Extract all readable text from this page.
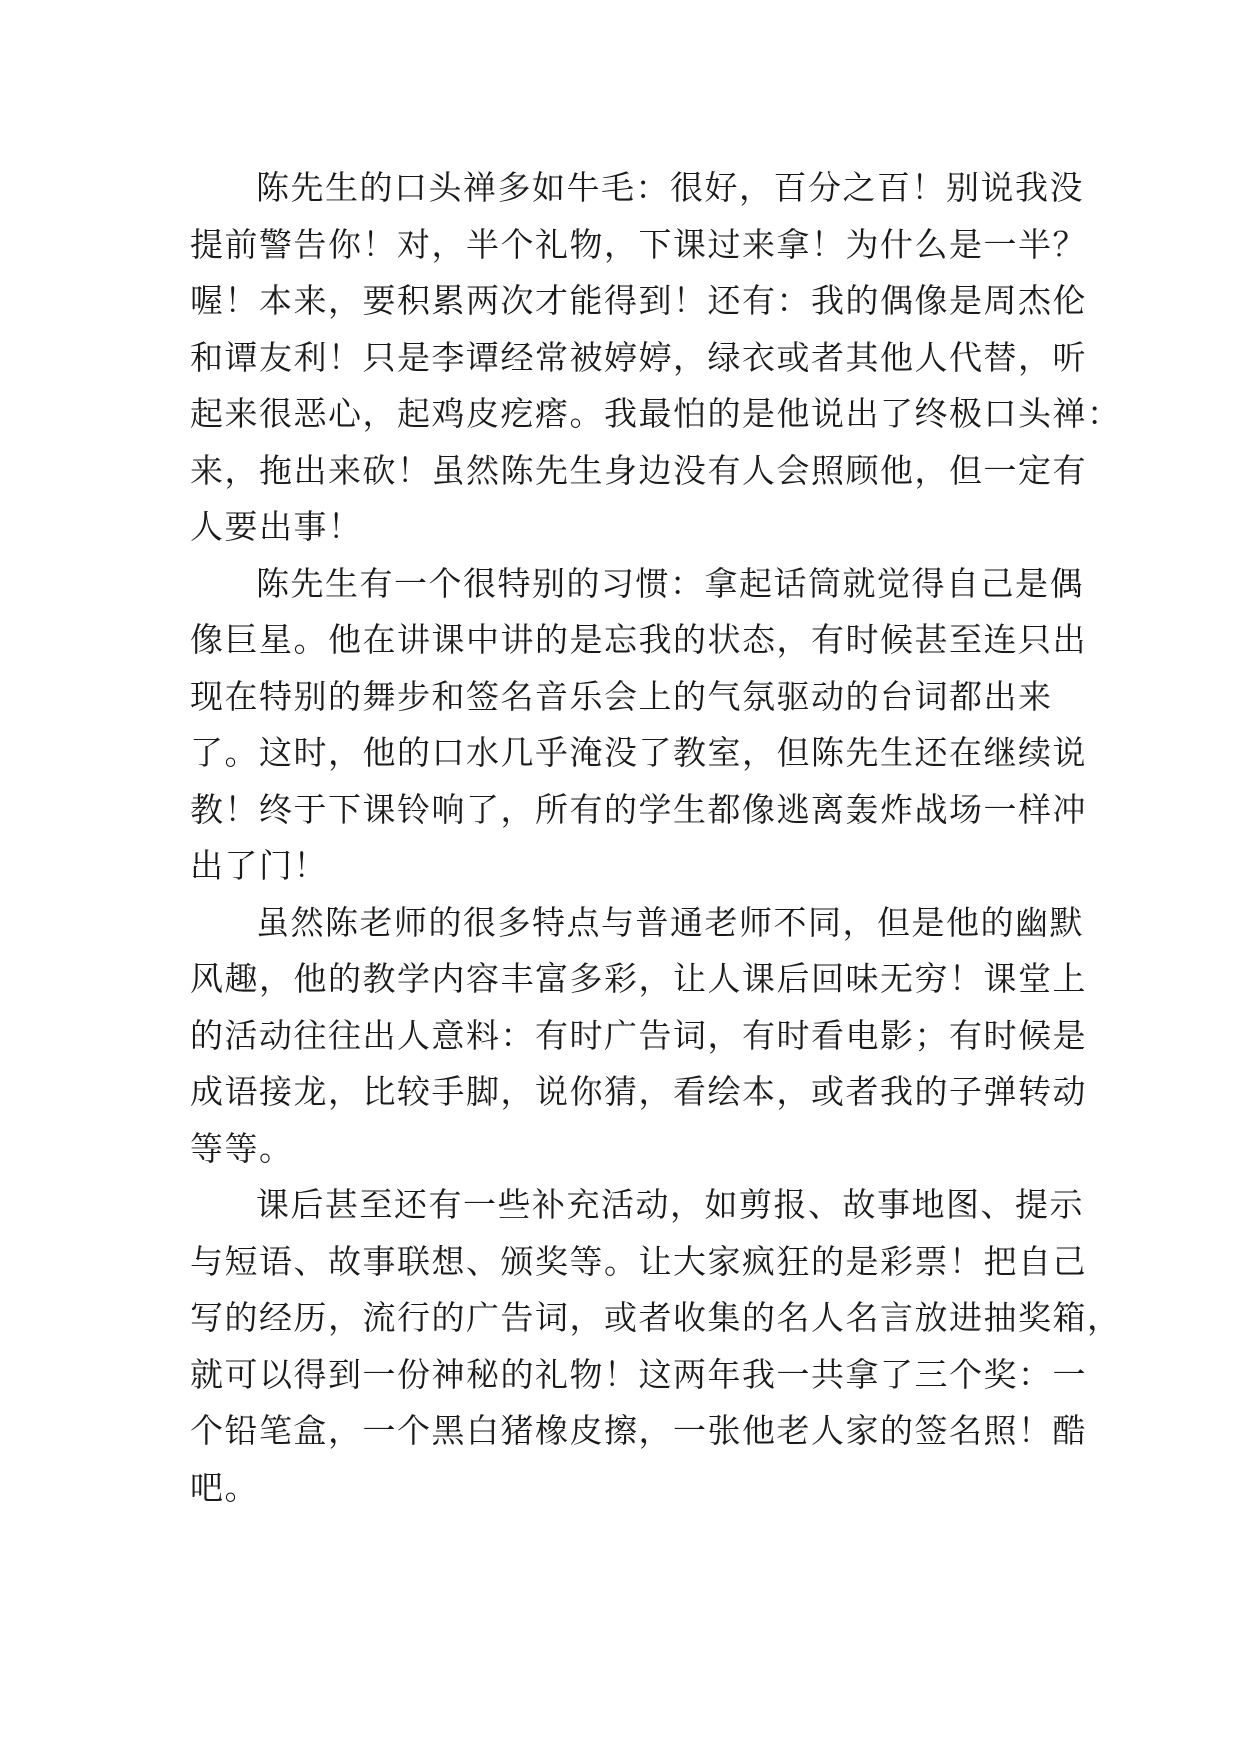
陈先生的口头禅多如牛毛：很好，百分之百！别说我没
提前警告你！对，半个礼物，下课过来拿！为什么是一半？
喔！本来，要积累两次才能得到！还有：我的偶像是周杰伦
和谭友利！只是李谭经常被婷婷，绿衣或者其他人代替，听
起来很恶心，起鸡皮疙瘩。我最怕的是他说出了终极口头禅：
来，拖出来砍！虽然陈先生身边没有人会照顾他，但一定有
人要出事！
陈先生有一个很特别的习惯：拿起话筒就觉得自己是偶
像巨星。他在讲课中讲的是忘我的状态，有时候甚至连只出
现在特别的舞步和签名音乐会上的气氛驱动的台词都出来
了。这时，他的口水几乎淹没了教室，但陈先生还在继续说
教！终于下课铃响了，所有的学生都像逃离轰炸战场一样冲
出了门！
虽然陈老师的很多特点与普通老师不同，但是他的幽默
风趣，他的教学内容丰富多彩，让人课后回味无穷！课堂上
的活动往往出人意料：有时广告词，有时看电影；有时候是
成语接龙，比较手脚，说你猜，看绘本，或者我的子弹转动
等等。
课后甚至还有一些补充活动，如剪报、故事地图、提示
与短语、故事联想、颁奖等。让大家疯狂的是彩票！把自己
写的经历，流行的广告词，或者收集的名人名言放进抽奖箱，
就可以得到一份神秘的礼物！这两年我一共拿了三个奖：一
个铅笔盒，一个黑白猪橡皮擦，一张他老人家的签名照！酷
吧。
